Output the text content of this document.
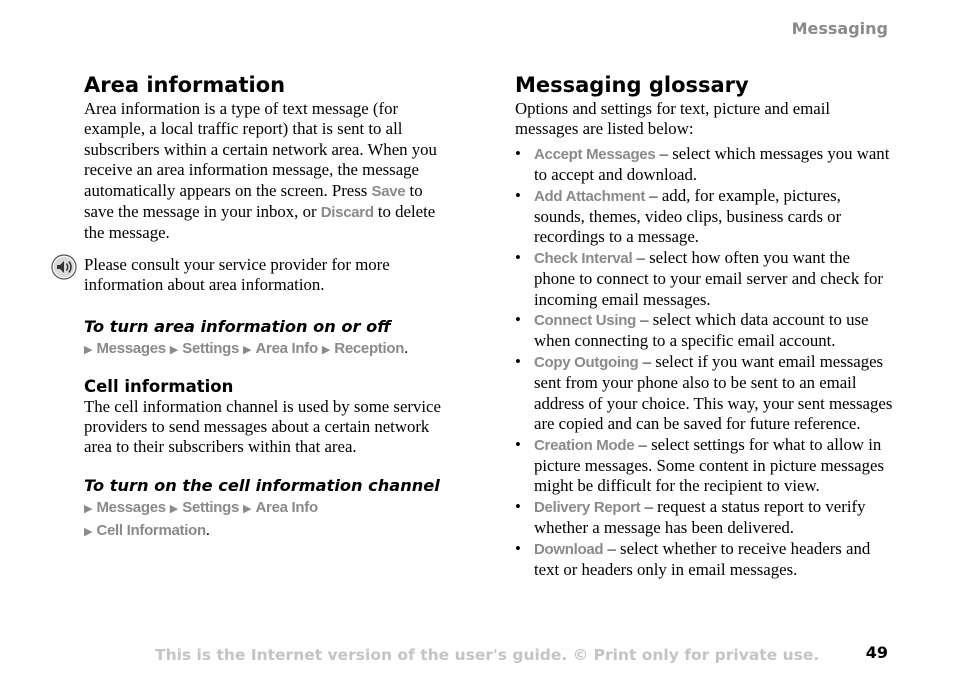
Messaging
Area information

Area information is a type of text message (for example, a local traffic report) that is sent to all subscribers within a certain network area. When you receive an area information message, the message automatically appears on the screen. Press Save to save the message in your inbox, or Discard to delete the message.

Please consult your service provider for more information about area information.

To turn area information on or off
▶ Messages ▶ Settings ▶ Area Info ▶ Reception.
Cell information

The cell information channel is used by some service providers to send messages about a certain network area to their subscribers within that area.

To turn on the cell information channel
▶ Messages ▶ Settings ▶ Area Info
▶ Cell Information.
Messaging glossary

Options and settings for text, picture and email messages are listed below:

• Accept Messages – select which messages you want to accept and download.
• Add Attachment – add, for example, pictures, sounds, themes, video clips, business cards or recordings to a message.
• Check Interval – select how often you want the phone to connect to your email server and check for incoming email messages.
• Connect Using – select which data account to use when connecting to a specific email account.
• Copy Outgoing – select if you want email messages sent from your phone also to be sent to an email address of your choice. This way, your sent messages are copied and can be saved for future reference.
• Creation Mode – select settings for what to allow in picture messages. Some content in picture messages might be difficult for the recipient to view.
• Delivery Report – request a status report to verify whether a message has been delivered.
• Download – select whether to receive headers and text or headers only in email messages.
This is the Internet version of the user's guide. © Print only for private use.	49
